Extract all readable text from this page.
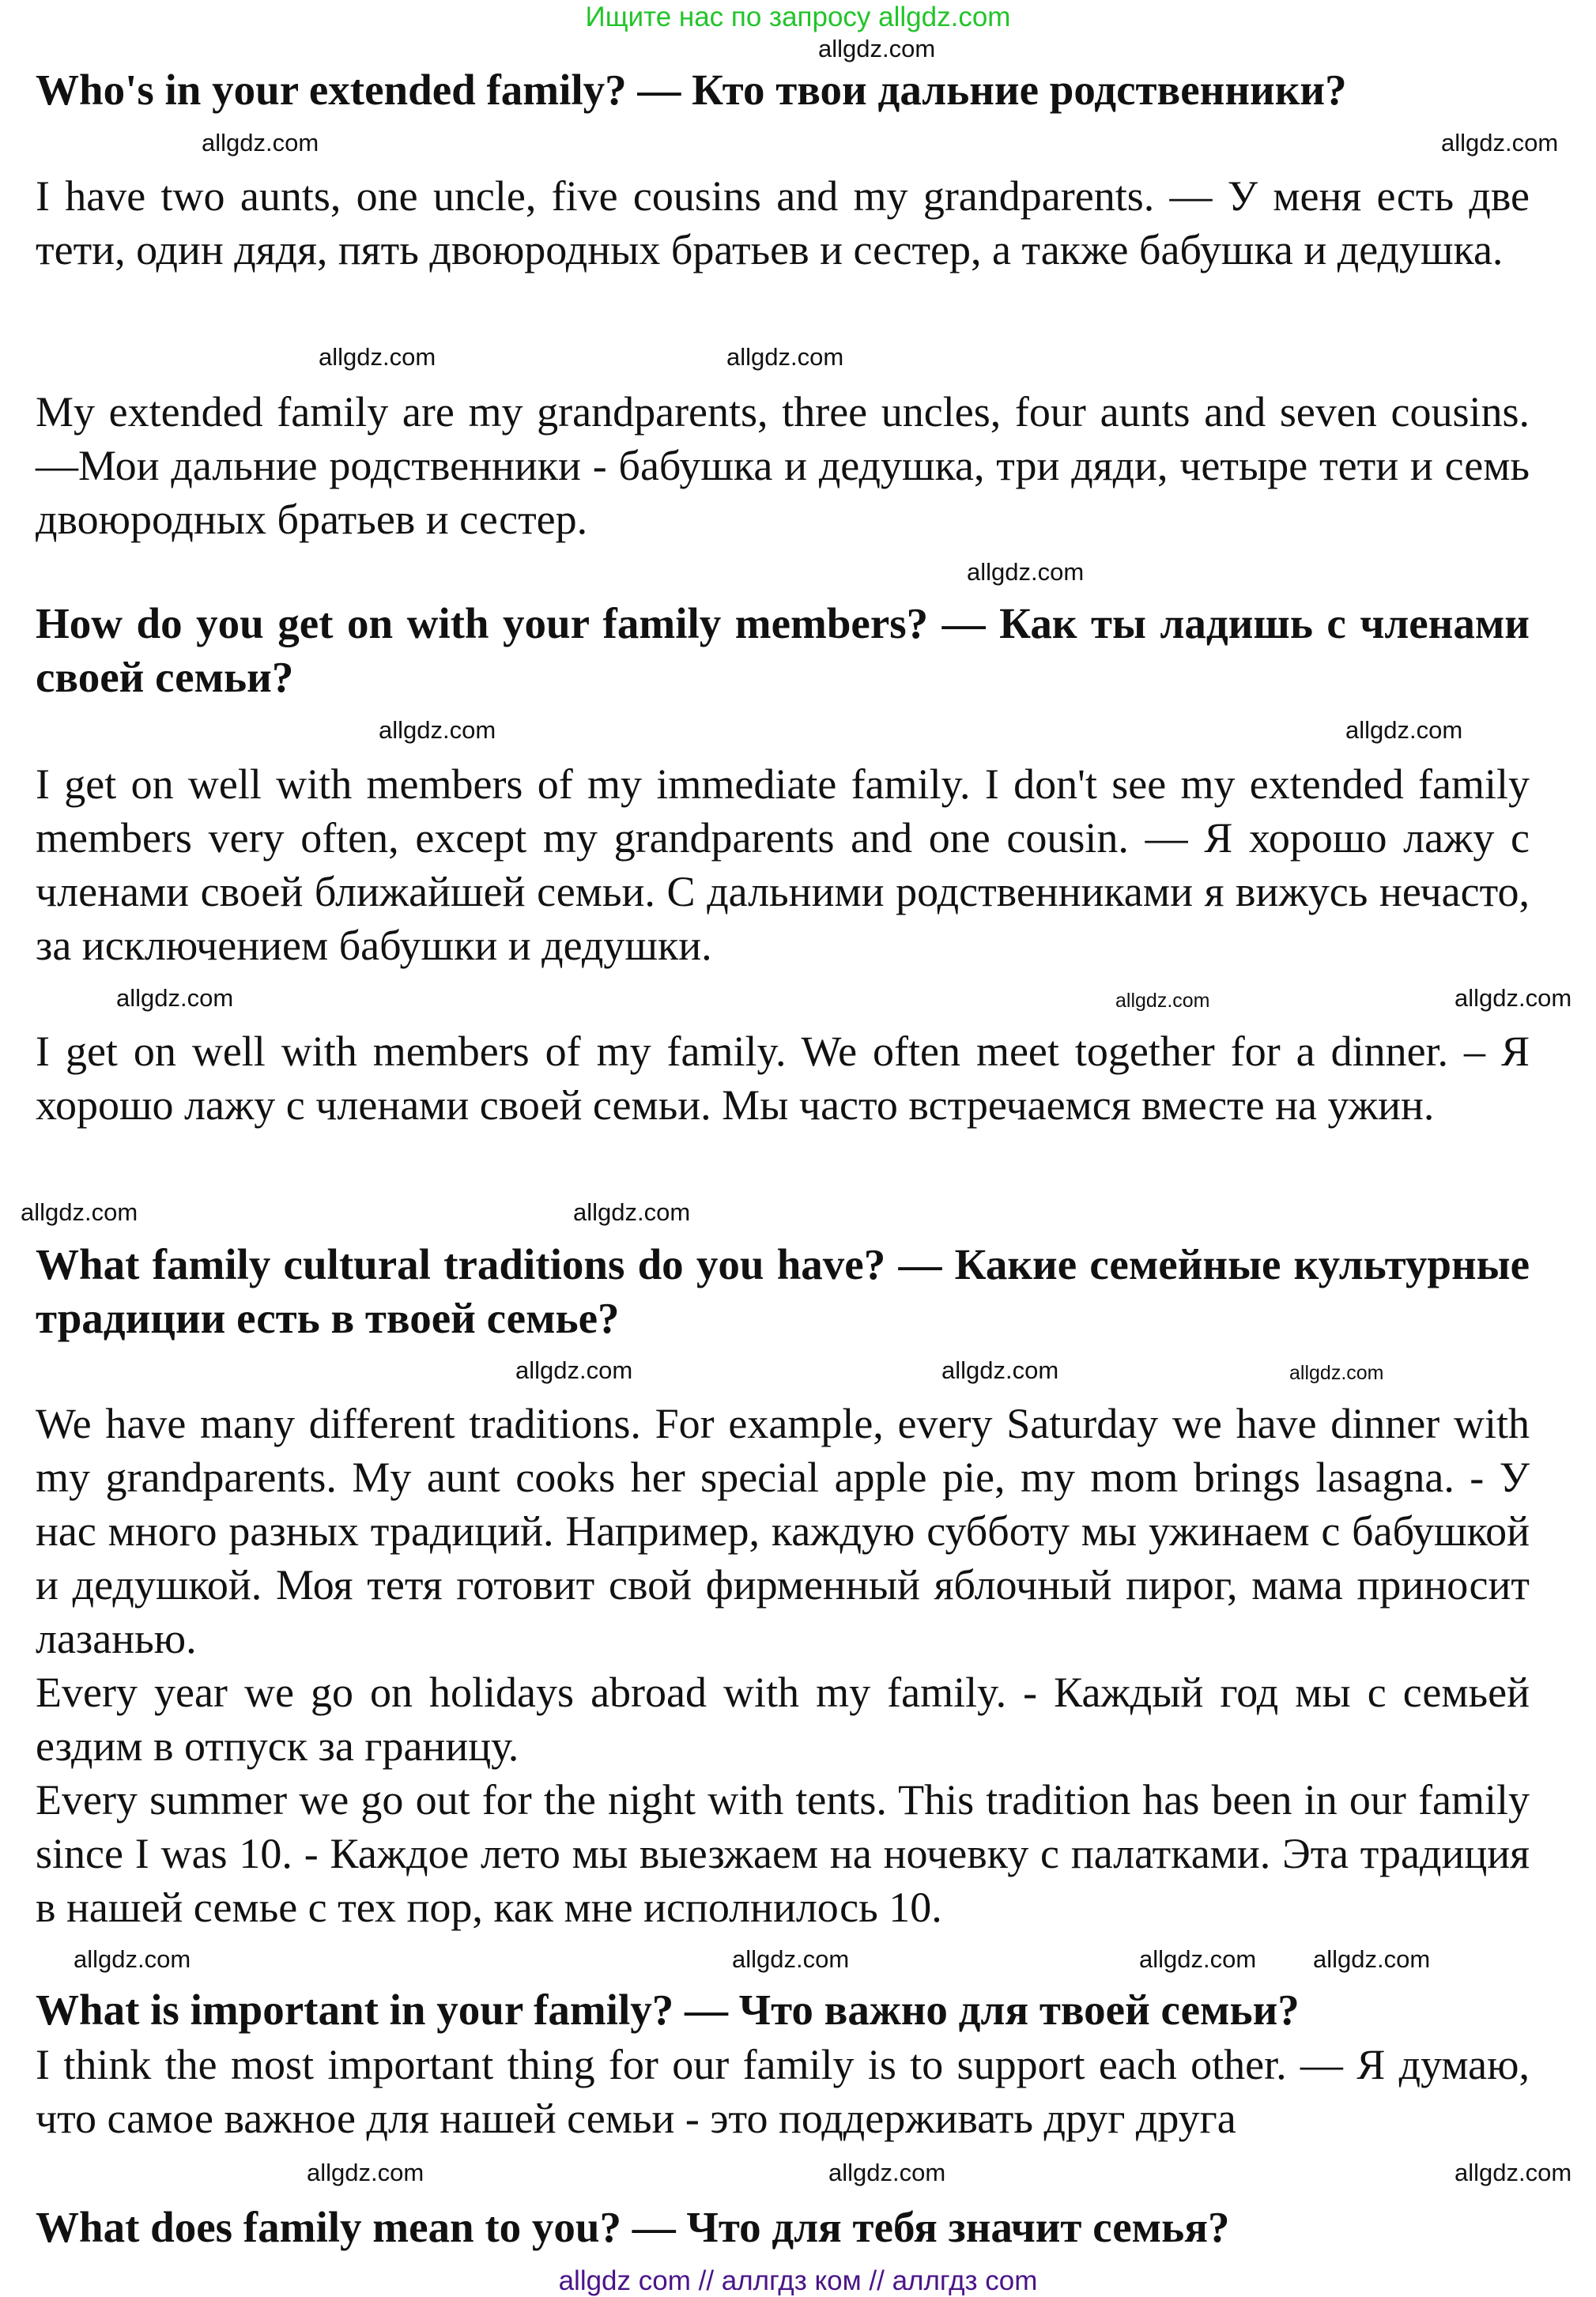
Ищите нас по запросу allgdz.com

Who's in your extended family? — Кто твои дальние родственники?

I have two aunts, one uncle, five cousins and my grandparents. — У меня есть две тети, один дядя, пять двоюродных братьев и сестер, а также бабушка и дедушка.

My extended family are my grandparents, three uncles, four aunts and seven cousins. —Мои дальние родственники - бабушка и дедушка, три дяди, четыре тети и семь двоюродных братьев и сестер.

How do you get on with your family members? — Как ты ладишь с членами своей семьи?

I get on well with members of my immediate family. I don't see my extended family members very often, except my grandparents and one cousin. — Я хорошо лажу с членами своей ближайшей семьи. С дальними родственниками я вижусь нечасто, за исключением бабушки и дедушки.

I get on well with members of my family. We often meet together for a dinner. – Я хорошо лажу с членами своей семьи. Мы часто встречаемся вместе на ужин.

What family cultural traditions do you have? — Какие семейные культурные традиции есть в твоей семье?

We have many different traditions. For example, every Saturday we have dinner with my grandparents. My aunt cooks her special apple pie, my mom brings lasagna. - У нас много разных традиций. Например, каждую субботу мы ужинаем с бабушкой и дедушкой. Моя тетя готовит свой фирменный яблочный пирог, мама приносит лазанью.

Every year we go on holidays abroad with my family. - Каждый год мы с семьей ездим в отпуск за границу.

Every summer we go out for the night with tents. This tradition has been in our family since I was 10. - Каждое лето мы выезжаем на ночевку с палатками. Эта традиция в нашей семье с тех пор, как мне исполнилось 10.

What is important in your family? — Что важно для твоей семьи?

I think the most important thing for our family is to support each other. — Я думаю, что самое важное для нашей семьи - это поддерживать друг друга

What does family mean to you? — Что для тебя значит семья?

allgdz.com
allgdz.com
allgdz.com
allgdz.com
allgdz.com
allgdz.com
allgdz.com
allgdz.com
allgdz.com	allgdz.com
allgdz.com
allgdz.com
allgdz.com
allgdz.com	allgdz.com
allgdz.com
allgdz.com
allgdz.com	allgdz.com
allgdz.com
allgdz.com	allgdz.com	allgdz.com
allgdz com // аллгдз ком // аллгдз com
